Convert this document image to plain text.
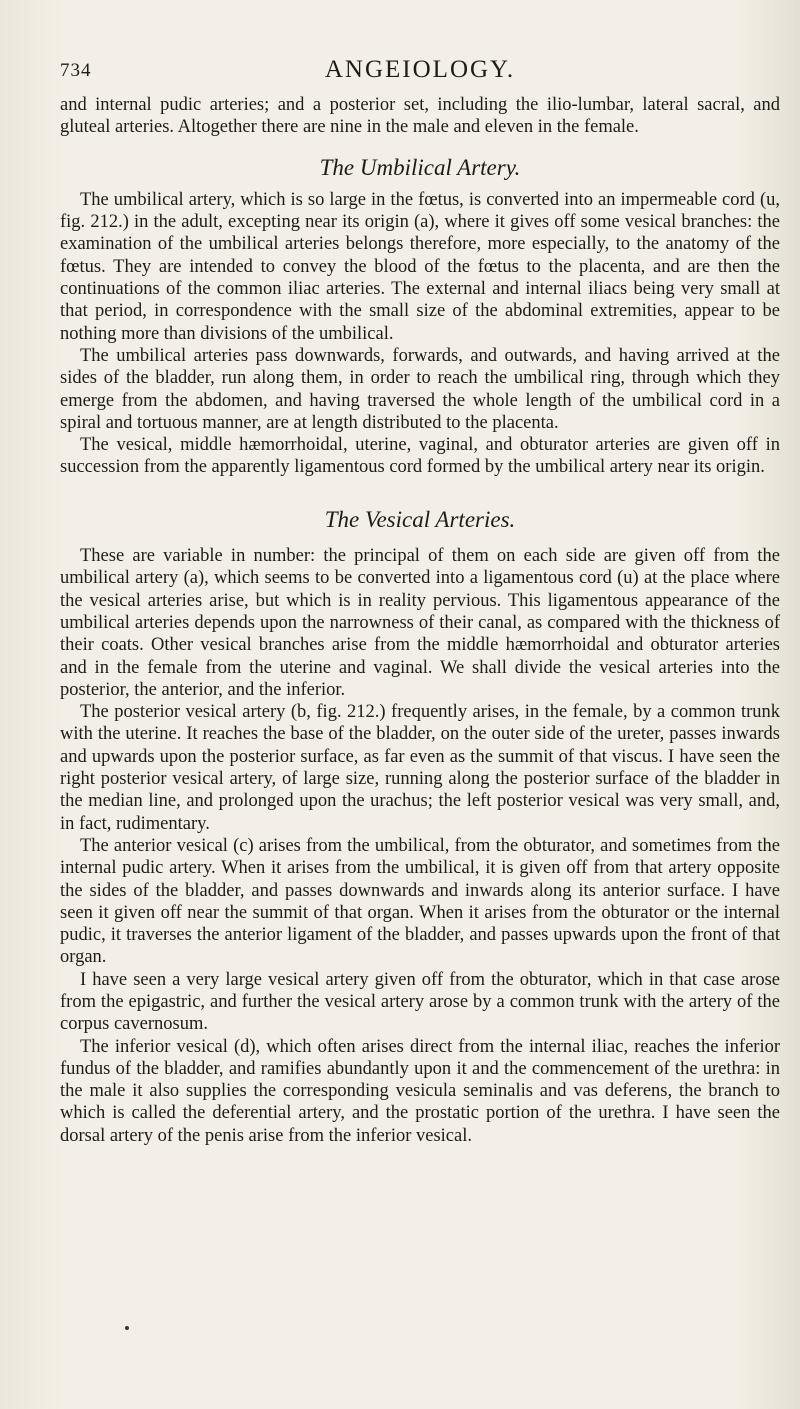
734	ANGEIOLOGY.

and internal pudic arteries; and a posterior set, including the ilio-lumbar, lateral sacral, and gluteal arteries. Altogether there are nine in the male and eleven in the female.

The Umbilical Artery.

The umbilical artery, which is so large in the fœtus, is converted into an impermeable cord (u, fig. 212.) in the adult, excepting near its origin (a), where it gives off some vesical branches: the examination of the umbilical arteries belongs therefore, more especially, to the anatomy of the fœtus. They are intended to convey the blood of the fœtus to the placenta, and are then the continuations of the common iliac arteries. The external and internal iliacs being very small at that period, in correspondence with the small size of the abdominal extremities, appear to be nothing more than divisions of the umbilical.

The umbilical arteries pass downwards, forwards, and outwards, and having arrived at the sides of the bladder, run along them, in order to reach the umbilical ring, through which they emerge from the abdomen, and having traversed the whole length of the umbilical cord in a spiral and tortuous manner, are at length distributed to the placenta.

The vesical, middle hæmorrhoidal, uterine, vaginal, and obturator arteries are given off in succession from the apparently ligamentous cord formed by the umbilical artery near its origin.

The Vesical Arteries.

These are variable in number: the principal of them on each side are given off from the umbilical artery (a), which seems to be converted into a ligamentous cord (u) at the place where the vesical arteries arise, but which is in reality pervious. This ligamentous appearance of the umbilical arteries depends upon the narrowness of their canal, as compared with the thickness of their coats. Other vesical branches arise from the middle hæmorrhoidal and obturator arteries and in the female from the uterine and vaginal. We shall divide the vesical arteries into the posterior, the anterior, and the inferior.

The posterior vesical artery (b, fig. 212.) frequently arises, in the female, by a common trunk with the uterine. It reaches the base of the bladder, on the outer side of the ureter, passes inwards and upwards upon the posterior surface, as far even as the summit of that viscus. I have seen the right posterior vesical artery, of large size, running along the posterior surface of the bladder in the median line, and prolonged upon the urachus; the left posterior vesical was very small, and, in fact, rudimentary.

The anterior vesical (c) arises from the umbilical, from the obturator, and sometimes from the internal pudic artery. When it arises from the umbilical, it is given off from that artery opposite the sides of the bladder, and passes downwards and inwards along its anterior surface. I have seen it given off near the summit of that organ. When it arises from the obturator or the internal pudic, it traverses the anterior ligament of the bladder, and passes upwards upon the front of that organ.

I have seen a very large vesical artery given off from the obturator, which in that case arose from the epigastric, and further the vesical artery arose by a common trunk with the artery of the corpus cavernosum.

The inferior vesical (d), which often arises direct from the internal iliac, reaches the inferior fundus of the bladder, and ramifies abundantly upon it and the commencement of the urethra: in the male it also supplies the corresponding vesicula seminalis and vas deferens, the branch to which is called the deferential artery, and the prostatic portion of the urethra. I have seen the dorsal artery of the penis arise from the inferior vesical.
